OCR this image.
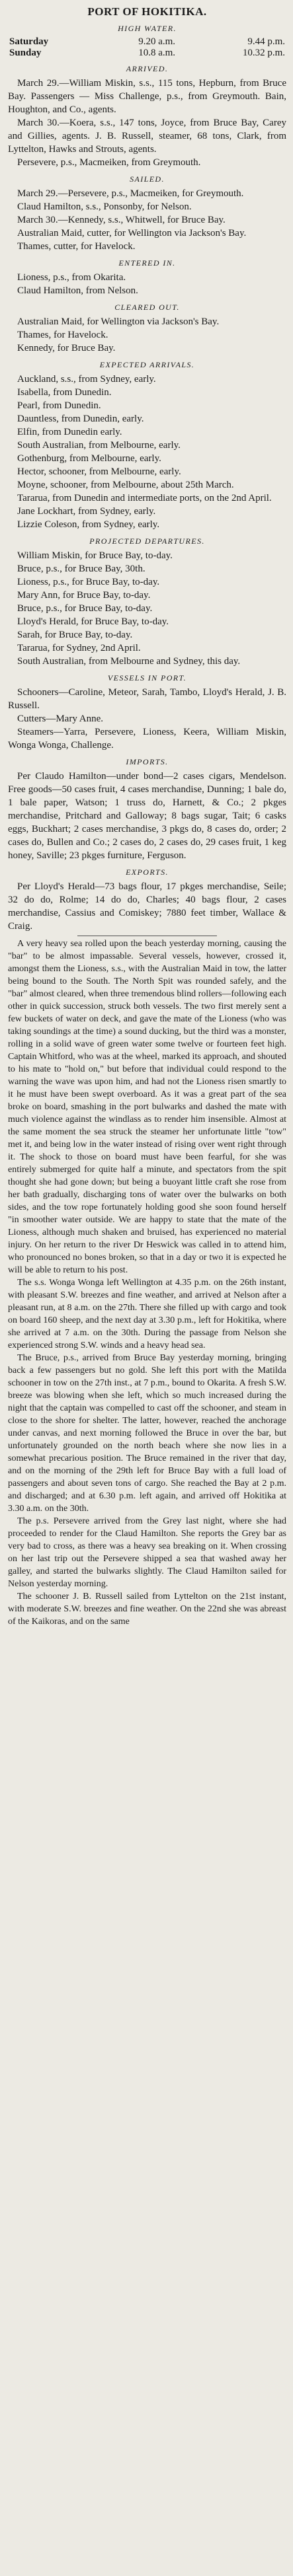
PORT OF HOKITIKA.
HIGH WATER.
Saturday	9.20 a.m.	9.44 p.m.
Sunday	10.8 a.m.	10.32 p.m.
ARRIVED.

March 29.—William Miskin, s.s., 115 tons, Hepburn, from Bruce Bay. Passengers — Miss Challenge, p.s., from Greymouth. Bain, Houghton, and Co., agents.

March 30.—Koera, s.s., 147 tons, Joyce, from Bruce Bay, Carey and Gillies, agents. J. B. Russell, steamer, 68 tons, Clark, from Lyttelton, Hawks and Strouts, agents.

Persevere, p.s., Macmeiken, from Greymouth.

SAILED.

March 29.—Persevere, p.s., Macmeiken, for Greymouth.

Claud Hamilton, s.s., Ponsonby, for Nelson.

March 30.—Kennedy, s.s., Whitwell, for Bruce Bay.

Australian Maid, cutter, for Wellington via Jackson's Bay.

Thames, cutter, for Havelock.

ENTERED IN.

Lioness, p.s., from Okarita.

Claud Hamilton, from Nelson.

CLEARED OUT.

Australian Maid, for Wellington via Jackson's Bay.

Thames, for Havelock.

Kennedy, for Bruce Bay.

EXPECTED ARRIVALS.

Auckland, s.s., from Sydney, early.

Isabella, from Dunedin.

Pearl, from Dunedin.

Dauntless, from Dunedin, early.

Elfin, from Dunedin early.

South Australian, from Melbourne, early.

Gothenburg, from Melbourne, early.

Hector, schooner, from Melbourne, early.

Moyne, schooner, from Melbourne, about 25th March.

Tararua, from Dunedin and intermediate ports, on the 2nd April.

Jane Lockhart, from Sydney, early.

Lizzie Coleson, from Sydney, early.

PROJECTED DEPARTURES.

William Miskin, for Bruce Bay, to-day.

Bruce, p.s., for Bruce Bay, 30th.

Lioness, p.s., for Bruce Bay, to-day.

Mary Ann, for Bruce Bay, to-day.

Bruce, p.s., for Bruce Bay, to-day.

Lloyd's Herald, for Bruce Bay, to-day.

Sarah, for Bruce Bay, to-day.

Tararua, for Sydney, 2nd April.

South Australian, from Melbourne and Sydney, this day.

VESSELS IN PORT.

Schooners—Caroline, Meteor, Sarah, Tambo, Lloyd's Herald, J. B. Russell.

Cutters—Mary Anne.

Steamers—Yarra, Persevere, Lioness, Keera, William Miskin, Wonga Wonga, Challenge.

IMPORTS.

Per Claudo Hamilton—under bond—2 cases cigars, Mendelson. Free goods—50 cases fruit, 4 cases merchandise, Dunning; 1 bale do, 1 bale paper, Watson; 1 truss do, Harnett, & Co.; 2 pkges merchandise, Pritchard and Galloway; 8 bags sugar, Tait; 6 casks eggs, Buckhart; 2 cases merchandise, 3 pkgs do, 8 cases do, order; 2 cases do, Bullen and Co.; 2 cases do, 2 cases do, 29 cases fruit, 1 keg honey, Saville; 23 pkges furniture, Ferguson.

EXPORTS.

Per Lloyd's Herald—73 bags flour, 17 pkges merchandise, Seile; 32 do do, Rolme; 14 do do, Charles; 40 bags flour, 2 cases merchandise, Cassius and Comiskey; 7880 feet timber, Wallace & Craig.

A very heavy sea rolled upon the beach yesterday morning, causing the "bar" to be almost impassable. Several vessels, however, crossed it, amongst them the Lioness, s.s., with the Australian Maid in tow, the latter being bound to the South. The North Spit was rounded safely, and the "bar" almost cleared, when three tremendous blind rollers—following each other in quick succession, struck both vessels. The two first merely sent a few buckets of water on deck, and gave the mate of the Lioness (who was taking soundings at the time) a sound ducking, but the third was a monster, rolling in a solid wave of green water some twelve or fourteen feet high. Captain Whitford, who was at the wheel, marked its approach, and shouted to his mate to "hold on," but before that individual could respond to the warning the wave was upon him, and had not the Lioness risen smartly to it he must have been swept overboard. As it was a great part of the sea broke on board, smashing in the port bulwarks and dashed the mate with much violence against the windlass as to render him insensible. Almost at the same moment the sea struck the steamer her unfortunate little "tow" met it, and being low in the water instead of rising over went right through it. The shock to those on board must have been fearful, for she was entirely submerged for quite half a minute, and spectators from the spit thought she had gone down; but being a buoyant little craft she rose from her bath gradually, discharging tons of water over the bulwarks on both sides, and the tow rope fortunately holding good she soon found herself "in smoother water outside. We are happy to state that the mate of the Lioness, although much shaken and bruised, has experienced no material injury. On her return to the river Dr Heswick was called in to attend him, who pronounced no bones broken, so that in a day or two it is expected he will be able to return to his post.

The s.s. Wonga Wonga left Wellington at 4.35 p.m. on the 26th instant, with pleasant S.W. breezes and fine weather, and arrived at Nelson after a pleasant run, at 8 a.m. on the 27th. There she filled up with cargo and took on board 160 sheep, and the next day at 3.30 p.m., left for Hokitika, where she arrived at 7 a.m. on the 30th. During the passage from Nelson she experienced strong S.W. winds and a heavy head sea.

The Bruce, p.s., arrived from Bruce Bay yesterday morning, bringing back a few passengers but no gold. She left this port with the Matilda schooner in tow on the 27th inst., at 7 p.m., bound to Okarita. A fresh S.W. breeze was blowing when she left, which so much increased during the night that the captain was compelled to cast off the schooner, and steam in close to the shore for shelter. The latter, however, reached the anchorage under canvas, and next morning followed the Bruce in over the bar, but unfortunately grounded on the north beach where she now lies in a somewhat precarious position. The Bruce remained in the river that day, and on the morning of the 29th left for Bruce Bay with a full load of passengers and about seven tons of cargo. She reached the Bay at 2 p.m. and discharged; and at 6.30 p.m. left again, and arrived off Hokitika at 3.30 a.m. on the 30th.

The p.s. Persevere arrived from the Grey last night, where she had proceeded to render for the Claud Hamilton. She reports the Grey bar as very bad to cross, as there was a heavy sea breaking on it. When crossing on her last trip out the Persevere shipped a sea that washed away her galley, and started the bulwarks slightly. The Claud Hamilton sailed for Nelson yesterday morning.

The schooner J. B. Russell sailed from Lyttelton on the 21st instant, with moderate S.W. breezes and fine weather. On the 22nd she was abreast of the Kaikoras, and on the same
